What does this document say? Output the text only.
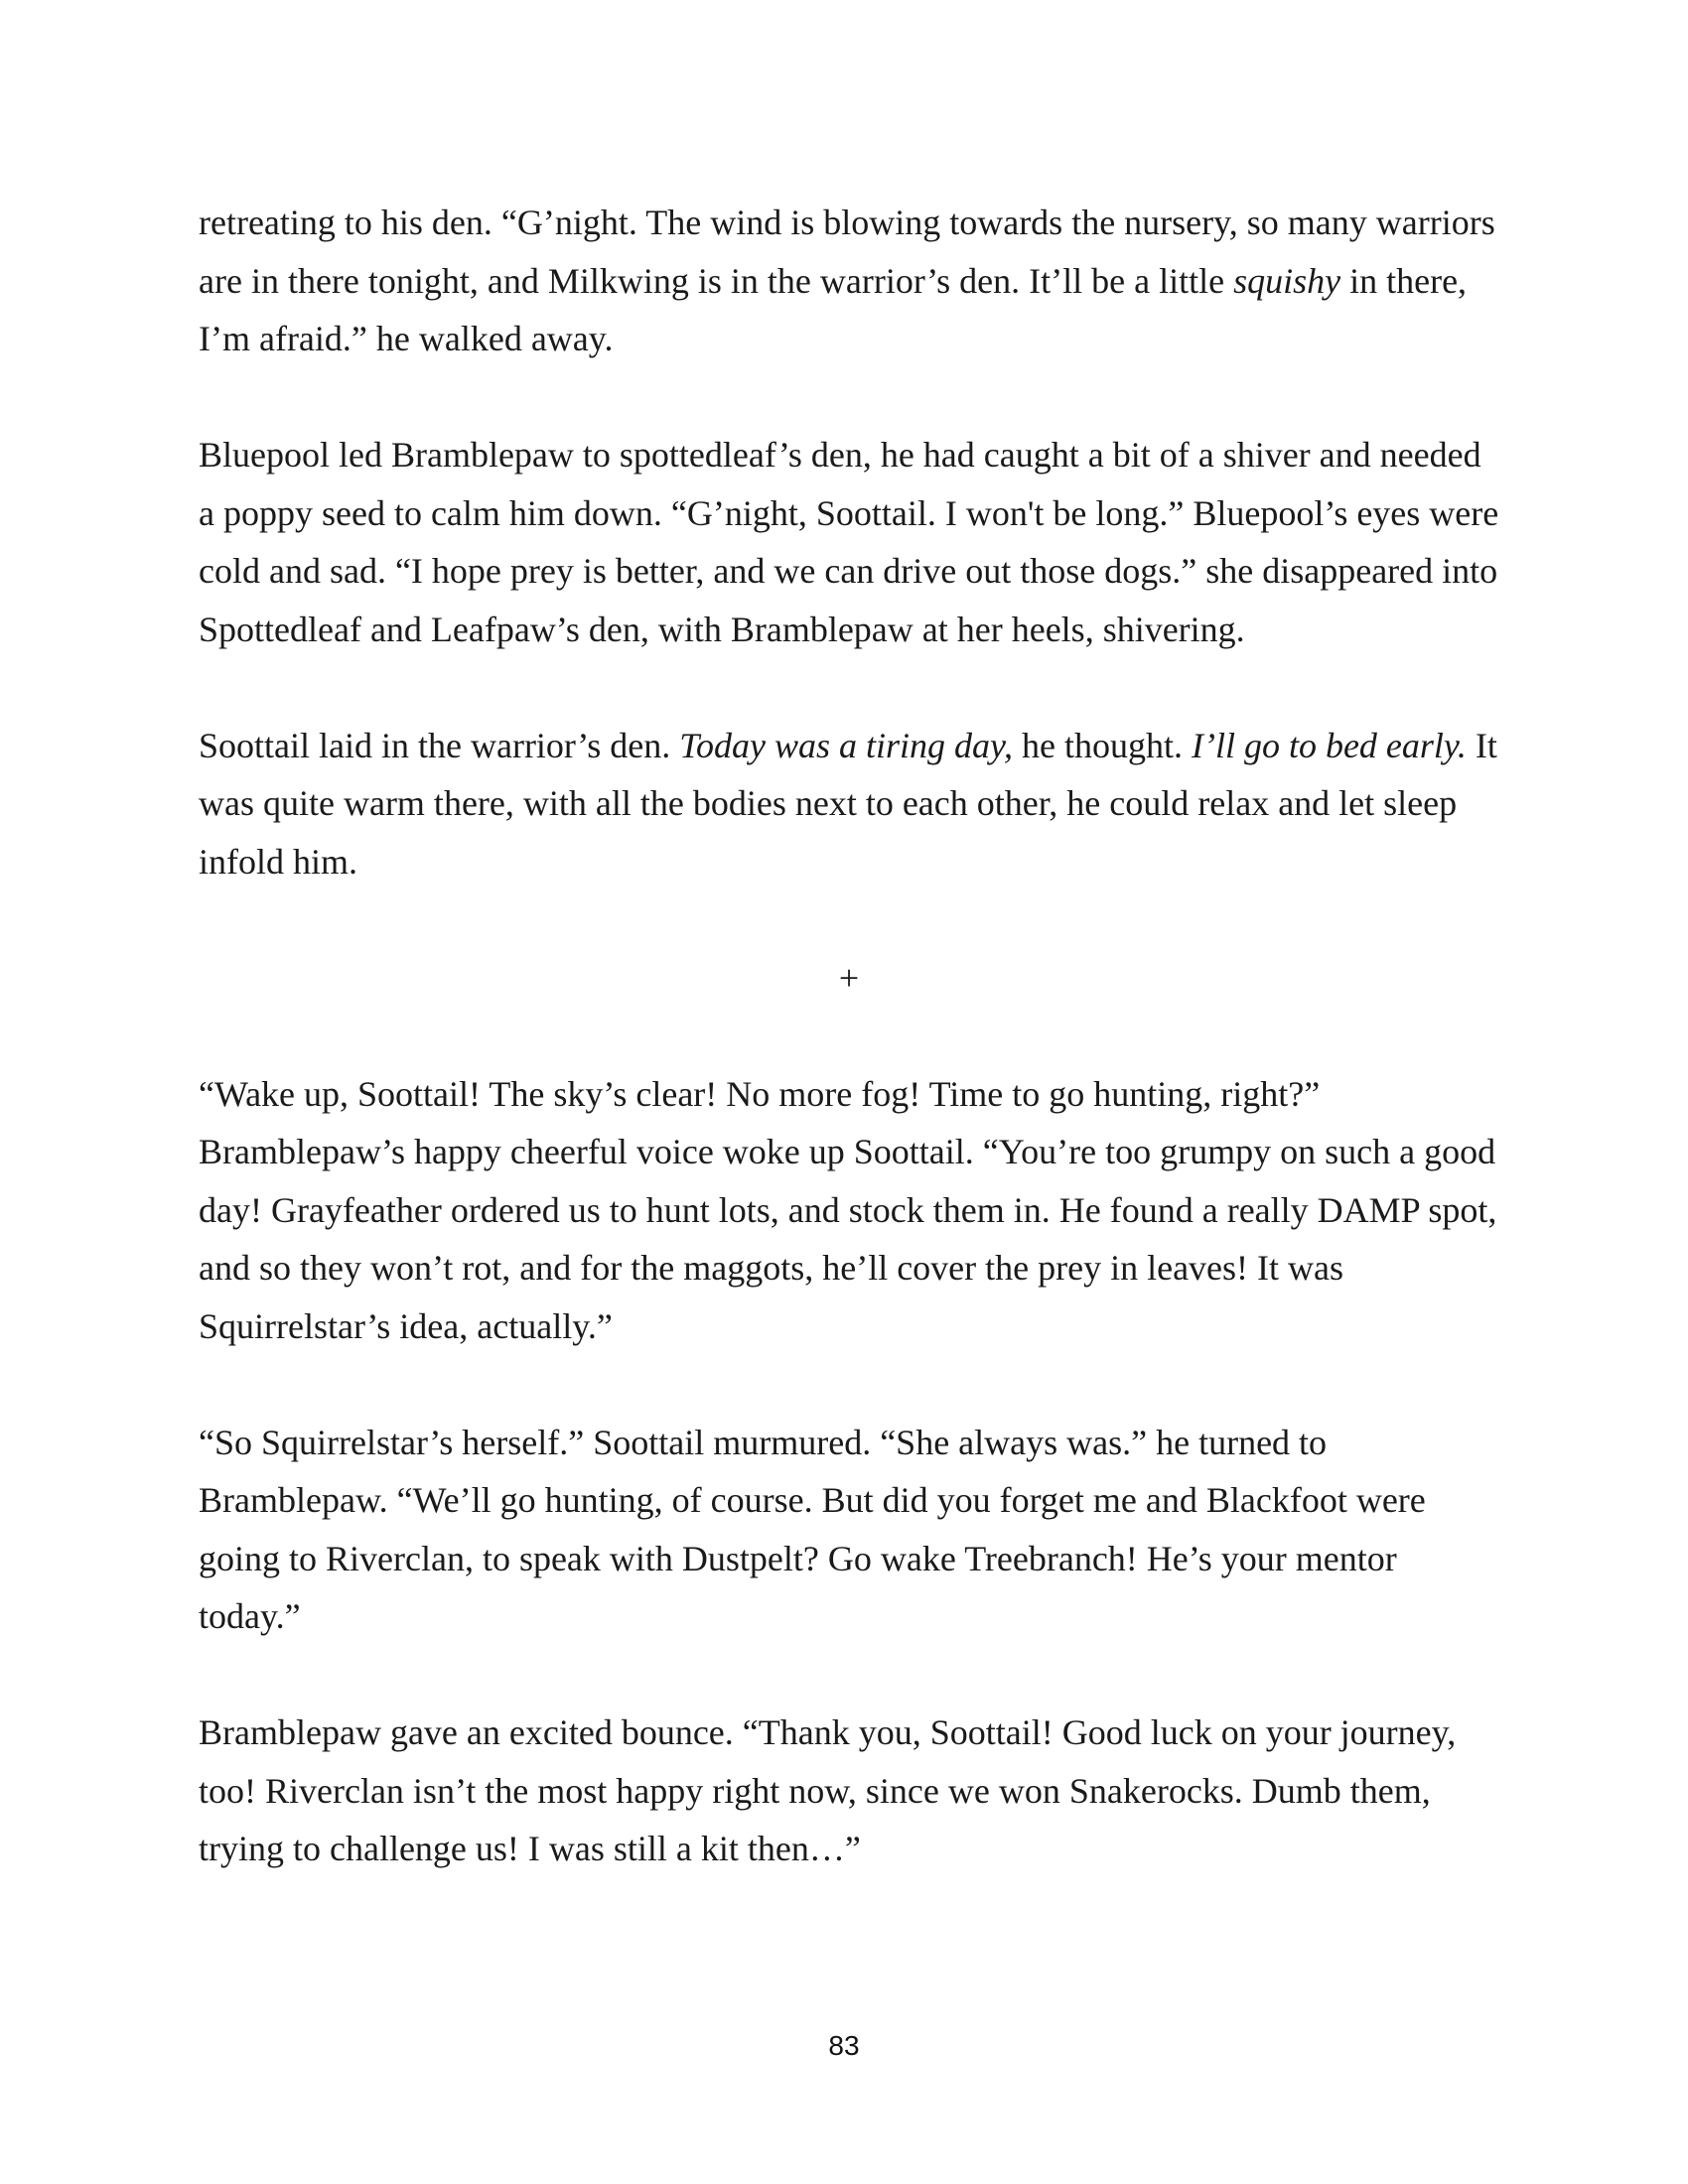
retreating to his den. “G’night. The wind is blowing towards the nursery, so many warriors are in there tonight, and Milkwing is in the warrior’s den. It’ll be a little squishy in there, I’m afraid.” he walked away.

Bluepool led Bramblepaw to spottedleaf’s den, he had caught a bit of a shiver and needed a poppy seed to calm him down. “G’night, Soottail. I won't be long.” Bluepool’s eyes were cold and sad. “I hope prey is better, and we can drive out those dogs.” she disappeared into Spottedleaf and Leafpaw’s den, with Bramblepaw at her heels, shivering.

Soottail laid in the warrior’s den. Today was a tiring day, he thought. I’ll go to bed early. It was quite warm there, with all the bodies next to each other, he could relax and let sleep infold him.

+

“Wake up, Soottail! The sky’s clear! No more fog! Time to go hunting, right?” Bramblepaw’s happy cheerful voice woke up Soottail. “You’re too grumpy on such a good day! Grayfeather ordered us to hunt lots, and stock them in. He found a really DAMP spot, and so they won’t rot, and for the maggots, he’ll cover the prey in leaves! It was Squirrelstar’s idea, actually.”

“So Squirrelstar’s herself.” Soottail murmured. “She always was.” he turned to Bramblepaw. “We’ll go hunting, of course. But did you forget me and Blackfoot were going to Riverclan, to speak with Dustpelt? Go wake Treebranch! He’s your mentor today.”

Bramblepaw gave an excited bounce. “Thank you, Soottail! Good luck on your journey, too! Riverclan isn’t the most happy right now, since we won Snakerocks. Dumb them, trying to challenge us! I was still a kit then…”

83
